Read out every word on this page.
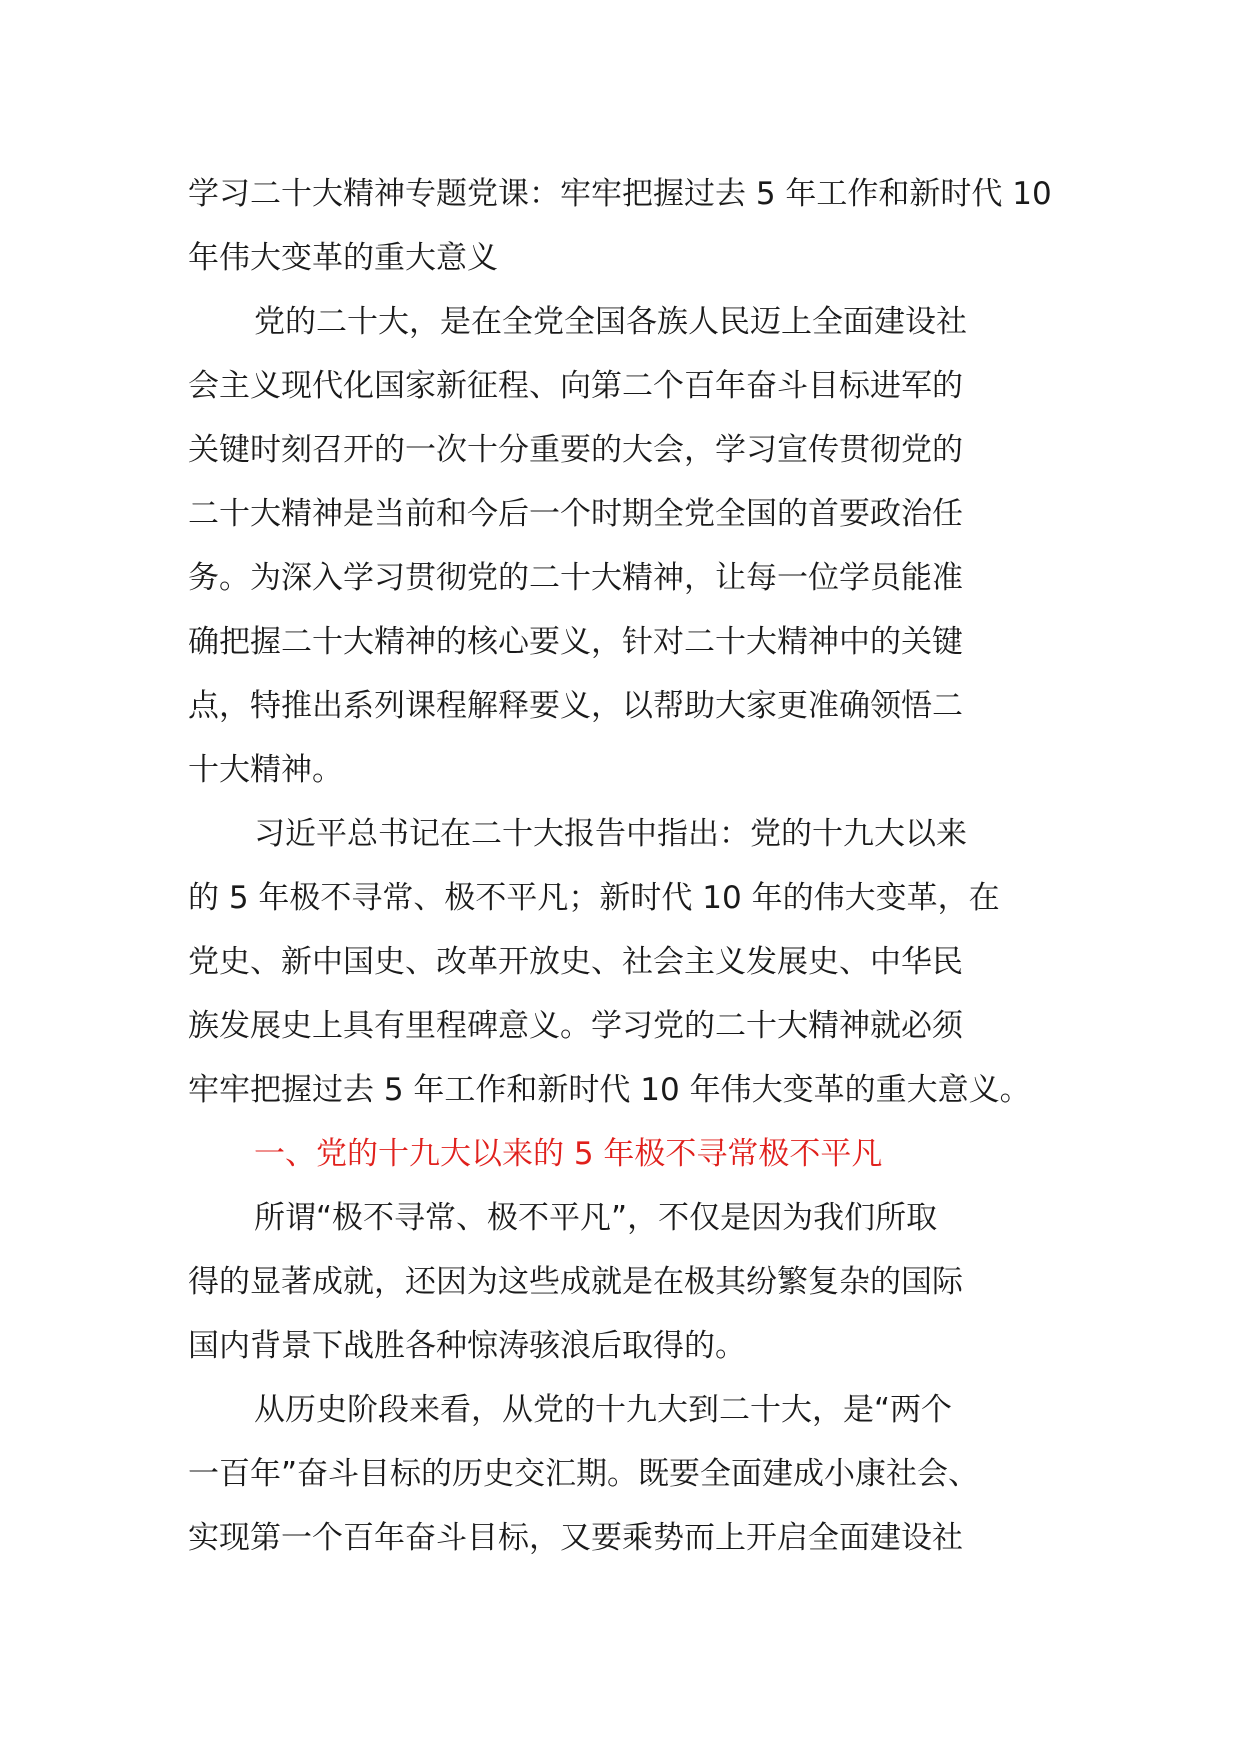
学习二十大精神专题党课：牢牢把握过去 5 年工作和新时代 10
年伟大变革的重大意义
党的二十大，是在全党全国各族人民迈上全面建设社
会主义现代化国家新征程、向第二个百年奋斗目标进军的
关键时刻召开的一次十分重要的大会，学习宣传贯彻党的
二十大精神是当前和今后一个时期全党全国的首要政治任
务。为深入学习贯彻党的二十大精神，让每一位学员能准
确把握二十大精神的核心要义，针对二十大精神中的关键
点，特推出系列课程解释要义，以帮助大家更准确领悟二
十大精神。
习近平总书记在二十大报告中指出：党的十九大以来
的 5 年极不寻常、极不平凡；新时代 10 年的伟大变革，在
党史、新中国史、改革开放史、社会主义发展史、中华民
族发展史上具有里程碑意义。学习党的二十大精神就必须
牢牢把握过去 5 年工作和新时代 10 年伟大变革的重大意义。
一、党的十九大以来的 5 年极不寻常极不平凡
所谓“极不寻常、极不平凡”，不仅是因为我们所取
得的显著成就，还因为这些成就是在极其纷繁复杂的国际
国内背景下战胜各种惊涛骇浪后取得的。
从历史阶段来看，从党的十九大到二十大，是“两个
一百年”奋斗目标的历史交汇期。既要全面建成小康社会、
实现第一个百年奋斗目标，又要乘势而上开启全面建设社
